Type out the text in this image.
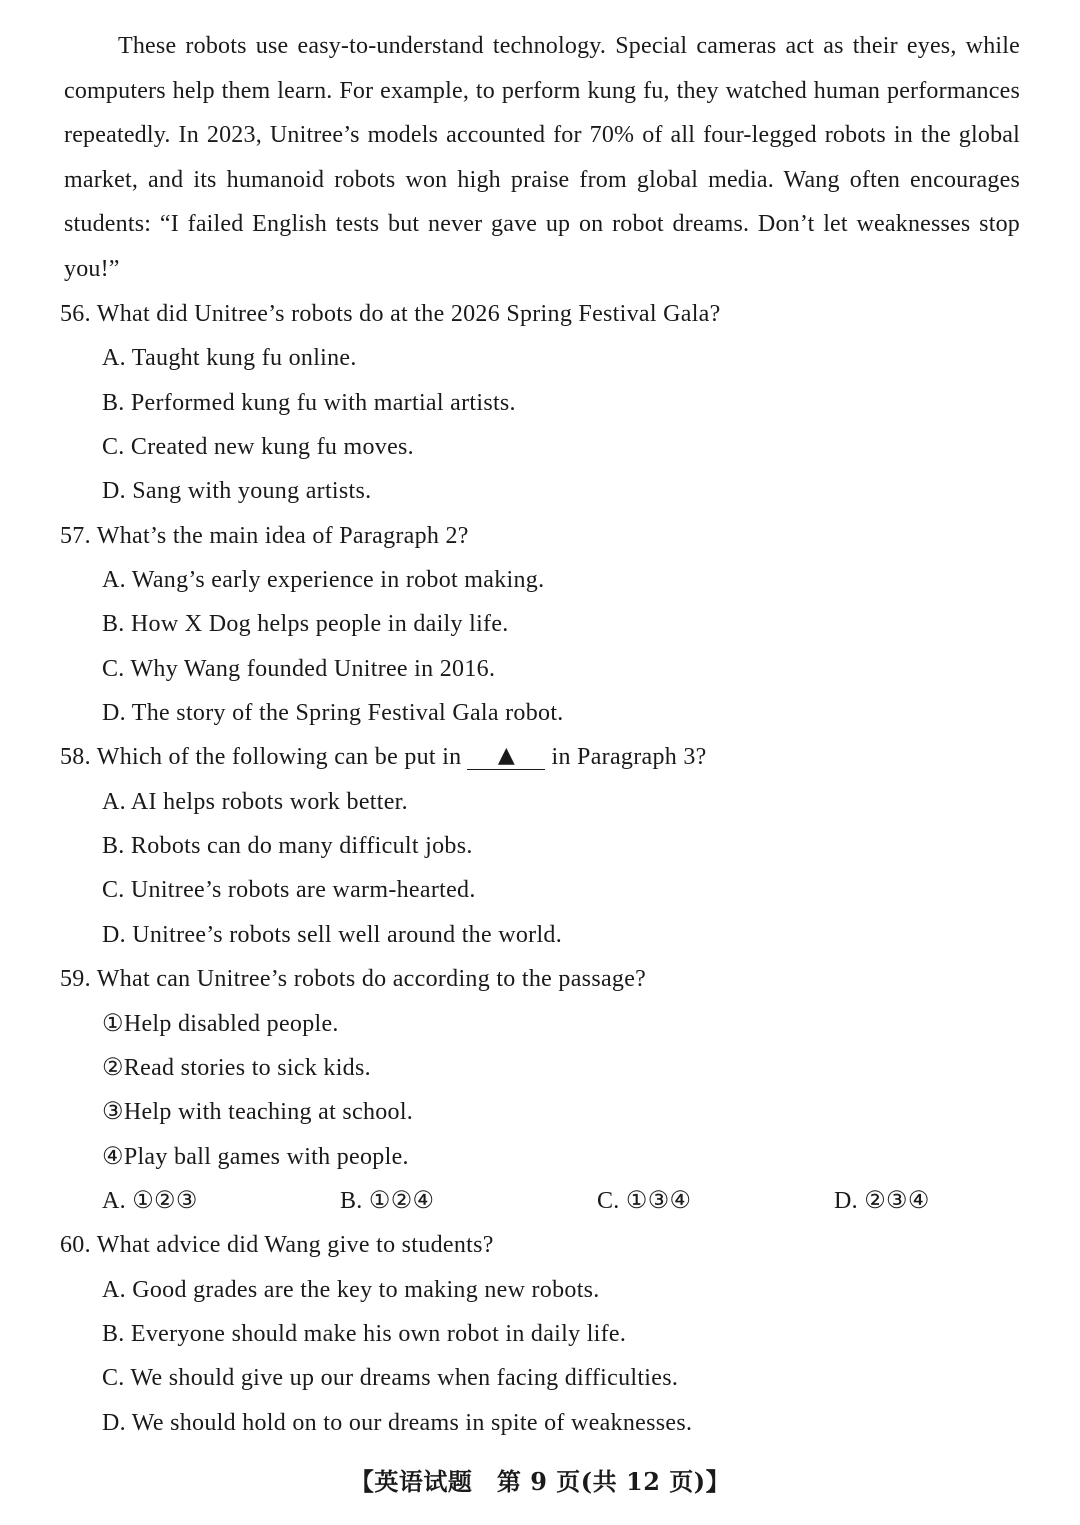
These robots use easy-to-understand technology. Special cameras act as their eyes, while computers help them learn. For example, to perform kung fu, they watched human performances repeatedly. In 2023, Unitree’s models accounted for 70% of all four-legged robots in the global market, and its humanoid robots won high praise from global media. Wang often encourages students: “I failed English tests but never gave up on robot dreams. Don’t let weaknesses stop you!”

56. What did Unitree’s robots do at the 2026 Spring Festival Gala?
A. Taught kung fu online.
B. Performed kung fu with martial artists.
C. Created new kung fu moves.
D. Sang with young artists.
57. What’s the main idea of Paragraph 2?
A. Wang’s early experience in robot making.
B. How X Dog helps people in daily life.
C. Why Wang founded Unitree in 2016.
D. The story of the Spring Festival Gala robot.
58. Which of the following can be put in ▲ in Paragraph 3?
A. AI helps robots work better.
B. Robots can do many difficult jobs.
C. Unitree’s robots are warm-hearted.
D. Unitree’s robots sell well around the world.
59. What can Unitree’s robots do according to the passage?
①Help disabled people.
②Read stories to sick kids.
③Help with teaching at school.
④Play ball games with people.
A. ①②③	B. ①②④	C. ①③④	D. ②③④
60. What advice did Wang give to students?
A. Good grades are the key to making new robots.
B. Everyone should make his own robot in daily life.
C. We should give up our dreams when facing difficulties.
D. We should hold on to our dreams in spite of weaknesses.
【英语试题　第 9 页(共 12 页)】
